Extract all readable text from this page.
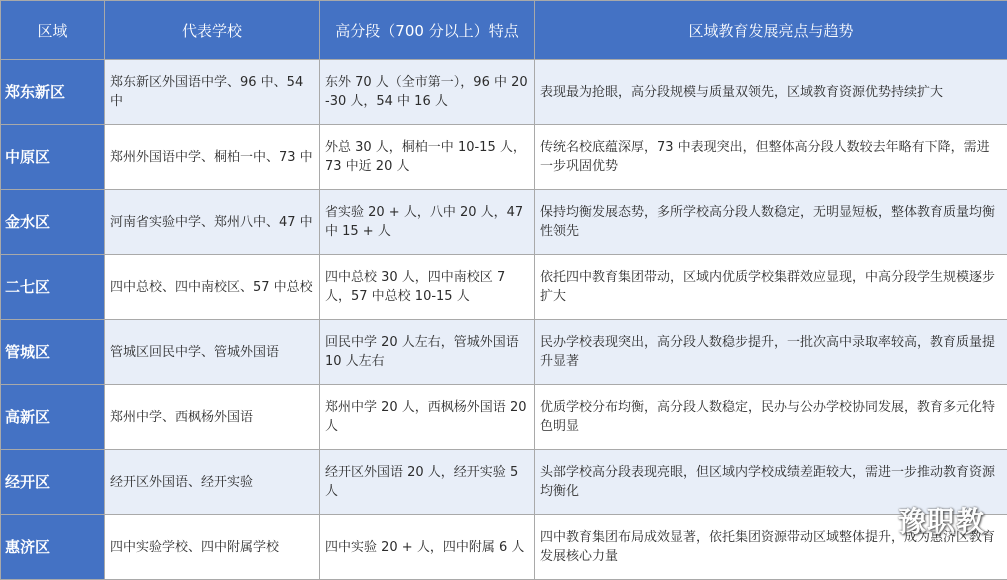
区域	代表学校	高分段（700 分以上）特点	区域教育发展亮点与趋势
郑东新区	郑东新区外国语中学、96 中、54 中	东外 70 人（全市第一），96 中 20-30 人，54 中 16 人	表现最为抢眼，高分段规模与质量双领先，区域教育资源优势持续扩大
中原区	郑州外国语中学、桐柏一中、73 中	外总 30 人，桐柏一中 10-15 人，73 中近 20 人	传统名校底蕴深厚，73 中表现突出，但整体高分段人数较去年略有下降，需进一步巩固优势
金水区	河南省实验中学、郑州八中、47 中	省实验 20 + 人，八中 20 人，47 中 15 + 人	保持均衡发展态势，多所学校高分段人数稳定，无明显短板，整体教育质量均衡性领先
二七区	四中总校、四中南校区、57 中总校	四中总校 30 人，四中南校区 7 人，57 中总校 10-15 人	依托四中教育集团带动，区域内优质学校集群效应显现，中高分段学生规模逐步扩大
管城区	管城区回民中学、管城外国语	回民中学 20 人左右，管城外国语 10 人左右	民办学校表现突出，高分段人数稳步提升，一批次高中录取率较高，教育质量提升显著
高新区	郑州中学、西枫杨外国语	郑州中学 20 人，西枫杨外国语 20 人	优质学校分布均衡，高分段人数稳定，民办与公办学校协同发展，教育多元化特色明显
经开区	经开区外国语、经开实验	经开区外国语 20 人，经开实验 5 人	头部学校高分段表现亮眼，但区域内学校成绩差距较大，需进一步推动教育资源均衡化
惠济区	四中实验学校、四中附属学校	四中实验 20 + 人，四中附属 6 人	四中教育集团布局成效显著，依托集团资源带动区域整体提升，成为惠济区教育发展核心力量
豫职教
